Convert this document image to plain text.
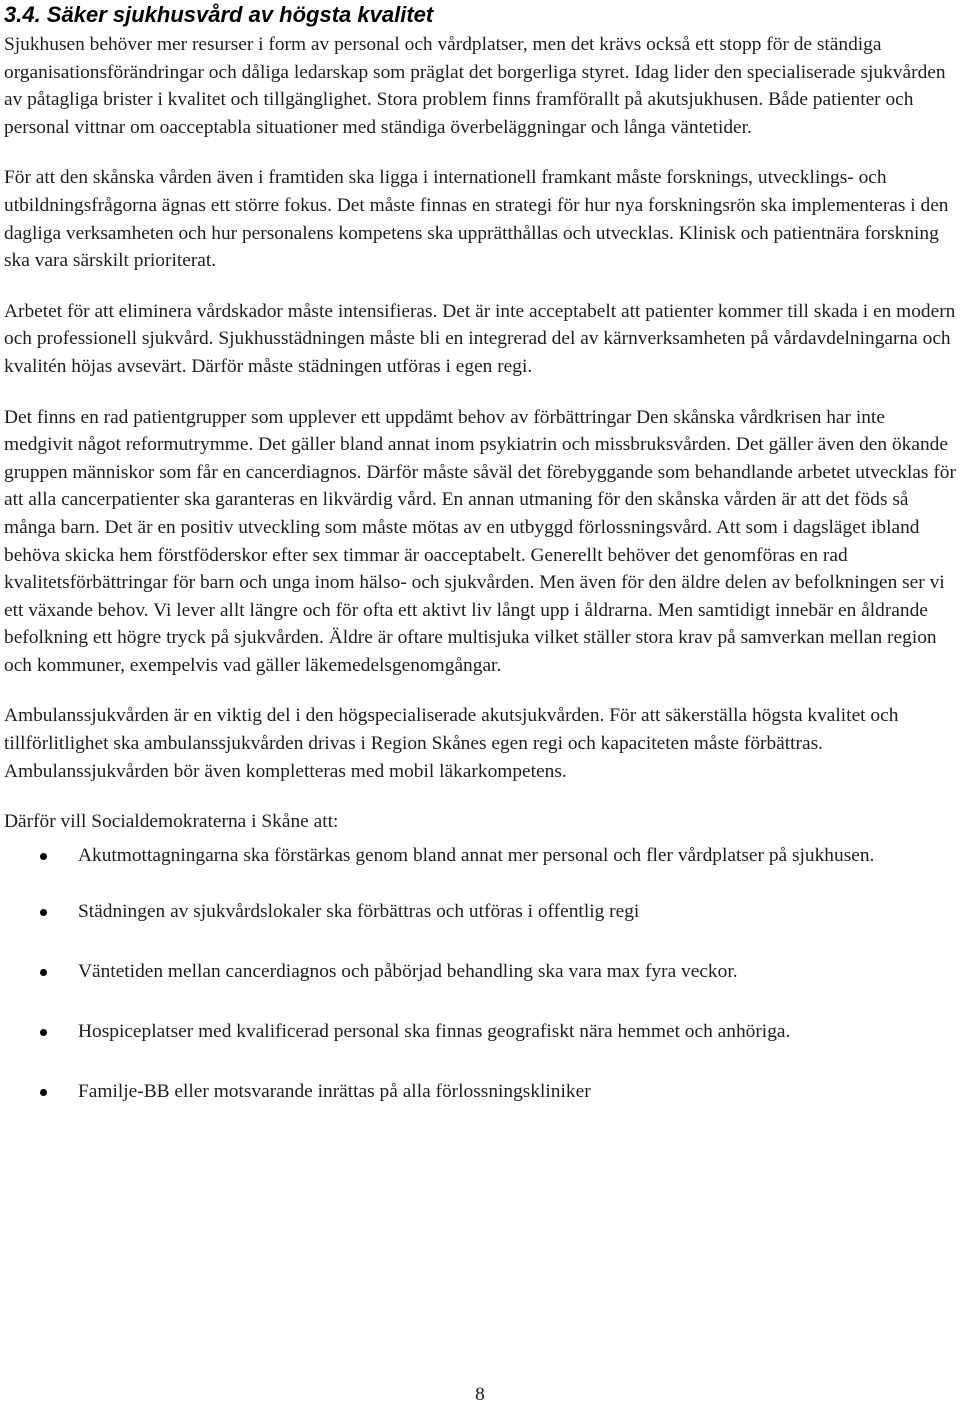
3.4. Säker sjukhusvård av högsta kvalitet

Sjukhusen behöver mer resurser i form av personal och vårdplatser, men det krävs också ett stopp för de ständiga organisationsförändringar och dåliga ledarskap som präglat det borgerliga styret. Idag lider den specialiserade sjukvården av påtagliga brister i kvalitet och tillgänglighet. Stora problem finns framförallt på akutsjukhusen. Både patienter och personal vittnar om oacceptabla situationer med ständiga överbeläggningar och långa väntetider.

För att den skånska vården även i framtiden ska ligga i internationell framkant måste forsknings, utvecklings- och utbildningsfrågorna ägnas ett större fokus. Det måste finnas en strategi för hur nya forskningsrön ska implementeras i den dagliga verksamheten och hur personalens kompetens ska upprätthållas och utvecklas. Klinisk och patientnära forskning ska vara särskilt prioriterat.

Arbetet för att eliminera vårdskador måste intensifieras. Det är inte acceptabelt att patienter kommer till skada i en modern och professionell sjukvård. Sjukhusstädningen måste bli en integrerad del av kärnverksamheten på vårdavdelningarna och kvalitén höjas avsevärt. Därför måste städningen utföras i egen regi.

Det finns en rad patientgrupper som upplever ett uppdämt behov av förbättringar Den skånska vårdkrisen har inte medgivit något reformutrymme. Det gäller bland annat inom psykiatrin och missbruksvården. Det gäller även den ökande gruppen människor som får en cancerdiagnos. Därför måste såväl det förebyggande som behandlande arbetet utvecklas för att alla cancerpatienter ska garanteras en likvärdig vård. En annan utmaning för den skånska vården är att det föds så många barn. Det är en positiv utveckling som måste mötas av en utbyggd förlossningsvård. Att som i dagsläget ibland behöva skicka hem förstföderskor efter sex timmar är oacceptabelt. Generellt behöver det genomföras en rad kvalitetsförbättringar för barn och unga inom hälso- och sjukvården. Men även för den äldre delen av befolkningen ser vi ett växande behov. Vi lever allt längre och för ofta ett aktivt liv långt upp i åldrarna. Men samtidigt innebär en åldrande befolkning ett högre tryck på sjukvården. Äldre är oftare multisjuka vilket ställer stora krav på samverkan mellan region och kommuner, exempelvis vad gäller läkemedelsgenomgångar.

Ambulanssjukvården är en viktig del i den högspecialiserade akutsjukvården. För att säkerställa högsta kvalitet och tillförlitlighet ska ambulanssjukvården drivas i Region Skånes egen regi och kapaciteten måste förbättras. Ambulanssjukvården bör även kompletteras med mobil läkarkompetens.

Därför vill Socialdemokraterna i Skåne att:

Akutmottagningarna ska förstärkas genom bland annat mer personal och fler vårdplatser på sjukhusen.
Städningen av sjukvårdslokaler ska förbättras och utföras i offentlig regi
Väntetiden mellan cancerdiagnos och påbörjad behandling ska vara max fyra veckor.
Hospiceplatser med kvalificerad personal ska finnas geografiskt nära hemmet och anhöriga.
Familje-BB eller motsvarande inrättas på alla förlossningskliniker
8
